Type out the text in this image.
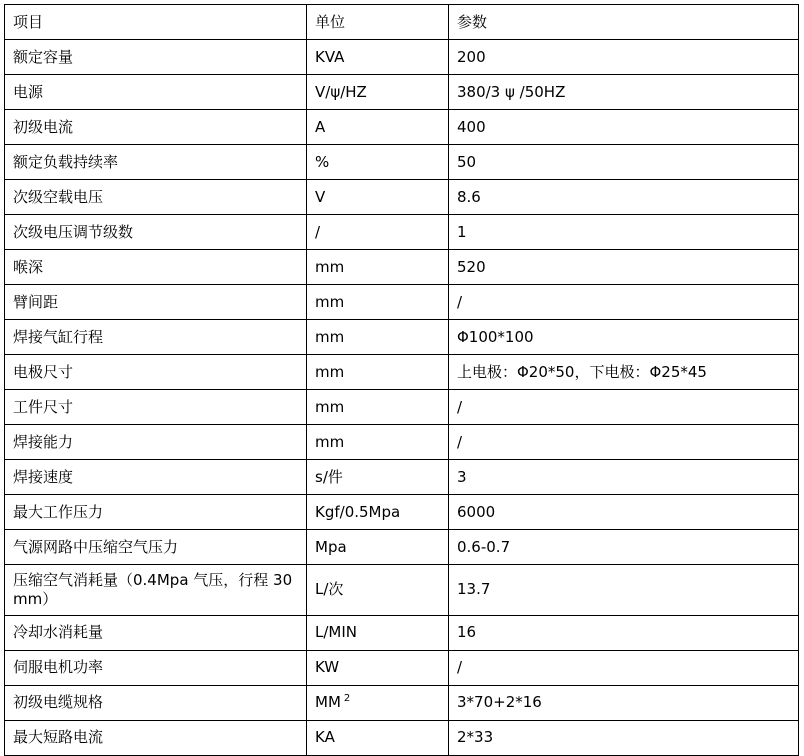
项目	单位	参数
额定容量	KVA	200
电源	V/ψ/HZ	380/3 ψ /50HZ
初级电流	A	400
额定负载持续率	%	50
次级空载电压	V	8.6
次级电压调节级数	/	1
喉深	mm	520
臂间距	mm	/
焊接气缸行程	mm	Φ100*100
电极尺寸	mm	上电极：Φ20*50，下电极：Φ25*45
工件尺寸	mm	/
焊接能力	mm	/
焊接速度	s/件	3
最大工作压力	Kgf/0.5Mpa	6000
气源网路中压缩空气压力	Mpa	0.6-0.7
压缩空气消耗量（0.4Mpa 气压，行程 30mm）	L/次	13.7
冷却水消耗量	L/MIN	16
伺服电机功率	KW	/
初级电缆规格	MM $^2$	3*70+2*16
最大短路电流	KA	2*33
